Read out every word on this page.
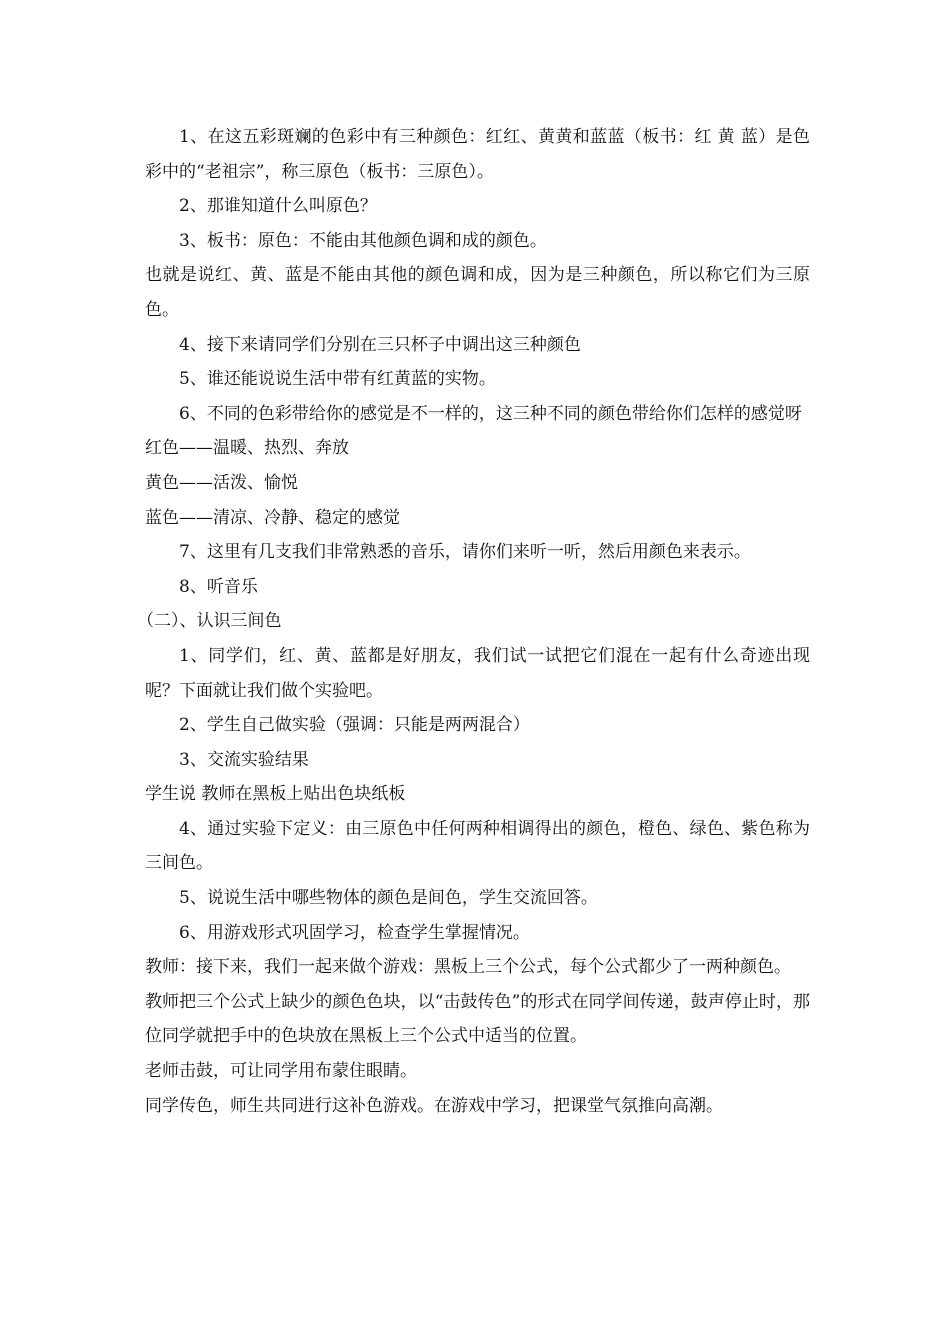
1、在这五彩斑斓的色彩中有三种颜色：红红、黄黄和蓝蓝（板书：红 黄 蓝）是色彩中的“老祖宗”，称三原色（板书：三原色）。

2、那谁知道什么叫原色？

3、板书：原色：不能由其他颜色调和成的颜色。

也就是说红、黄、蓝是不能由其他的颜色调和成，因为是三种颜色，所以称它们为三原色。

4、接下来请同学们分别在三只杯子中调出这三种颜色

5、谁还能说说生活中带有红黄蓝的实物。

6、不同的色彩带给你的感觉是不一样的，这三种不同的颜色带给你们怎样的感觉呀

红色——温暖、热烈、奔放

黄色——活泼、愉悦

蓝色——清凉、冷静、稳定的感觉

7、这里有几支我们非常熟悉的音乐，请你们来听一听，然后用颜色来表示。

8、听音乐

（二）、认识三间色

1、同学们，红、黄、蓝都是好朋友，我们试一试把它们混在一起有什么奇迹出现呢？下面就让我们做个实验吧。

2、学生自己做实验（强调：只能是两两混合）

3、交流实验结果

学生说 教师在黑板上贴出色块纸板

4、通过实验下定义：由三原色中任何两种相调得出的颜色，橙色、绿色、紫色称为三间色。

5、说说生活中哪些物体的颜色是间色，学生交流回答。

6、用游戏形式巩固学习，检查学生掌握情况。

教师：接下来，我们一起来做个游戏：黑板上三个公式，每个公式都少了一两种颜色。

教师把三个公式上缺少的颜色色块，以“击鼓传色”的形式在同学间传递，鼓声停止时，那位同学就把手中的色块放在黑板上三个公式中适当的位置。

老师击鼓，可让同学用布蒙住眼睛。

同学传色，师生共同进行这补色游戏。在游戏中学习，把课堂气氛推向高潮。
